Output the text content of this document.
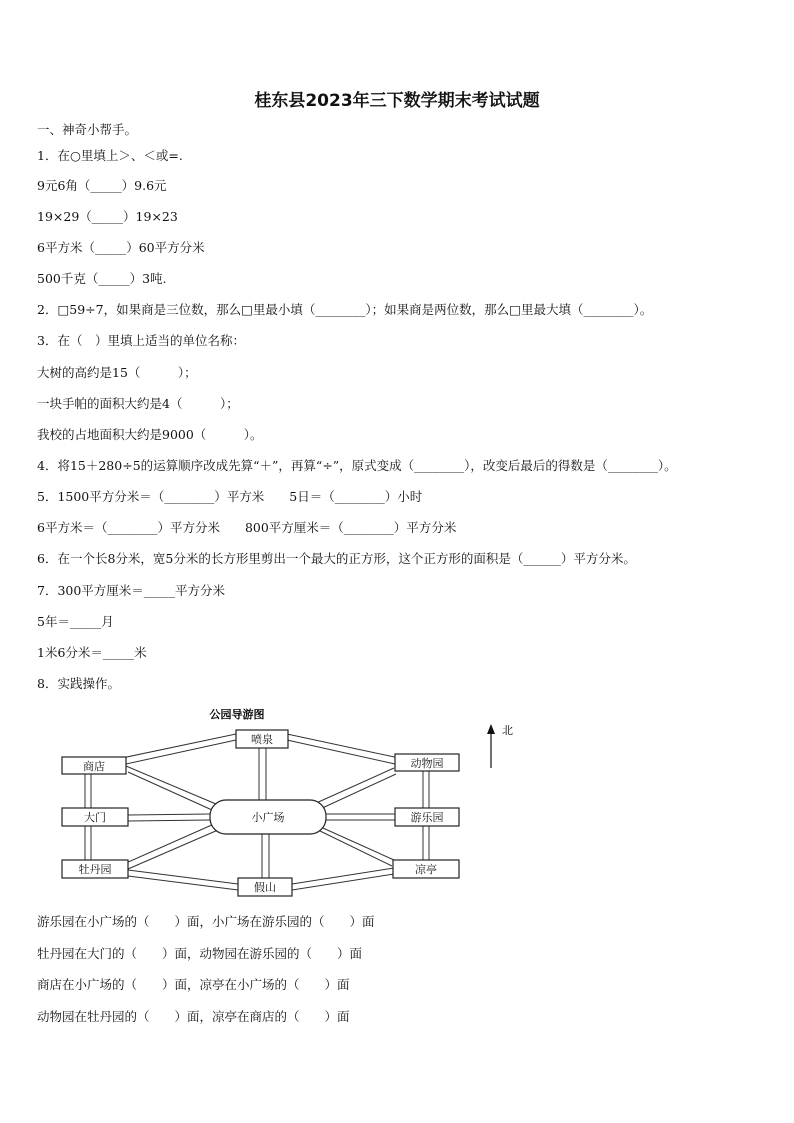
桂东县2023年三下数学期末考试试题
一、神奇小帮手。
1．在○里填上＞、＜或=.
9元6角（_____）9.6元
19×29（_____）19×23
6平方米（_____）60平方分米
500千克（_____）3吨.
2．□59÷7，如果商是三位数，那么□里最小填（________）；如果商是两位数，那么□里最大填（________）。
3．在（　）里填上适当的单位名称：
大树的高约是15（　　　）；
一块手帕的面积大约是4（　　　）；
我校的占地面积大约是9000（　　　）。
4．将15＋280÷5的运算顺序改成先算“＋”，再算“÷”，原式变成（________），改变后最后的得数是（________）。
5．1500平方分米＝（________）平方米　　5日＝（________）小时
6平方米＝（________）平方分米　　800平方厘米＝（________）平方分米
6．在一个长8分米，宽5分米的长方形里剪出一个最大的正方形，这个正方形的面积是（______）平方分米。
7．300平方厘米＝_____平方分米
5年＝_____月
1米6分米＝_____米
8．实践操作。
公园导游图
喷泉
商店	动物园
大门	小广场	游乐园
牡丹园
假山
凉亭
北
游乐园在小广场的（　　）面，小广场在游乐园的（　　）面
牡丹园在大门的（　　）面，动物园在游乐园的（　　）面
商店在小广场的（　　）面，凉亭在小广场的（　　）面
动物园在牡丹园的（　　）面，凉亭在商店的（　　）面
